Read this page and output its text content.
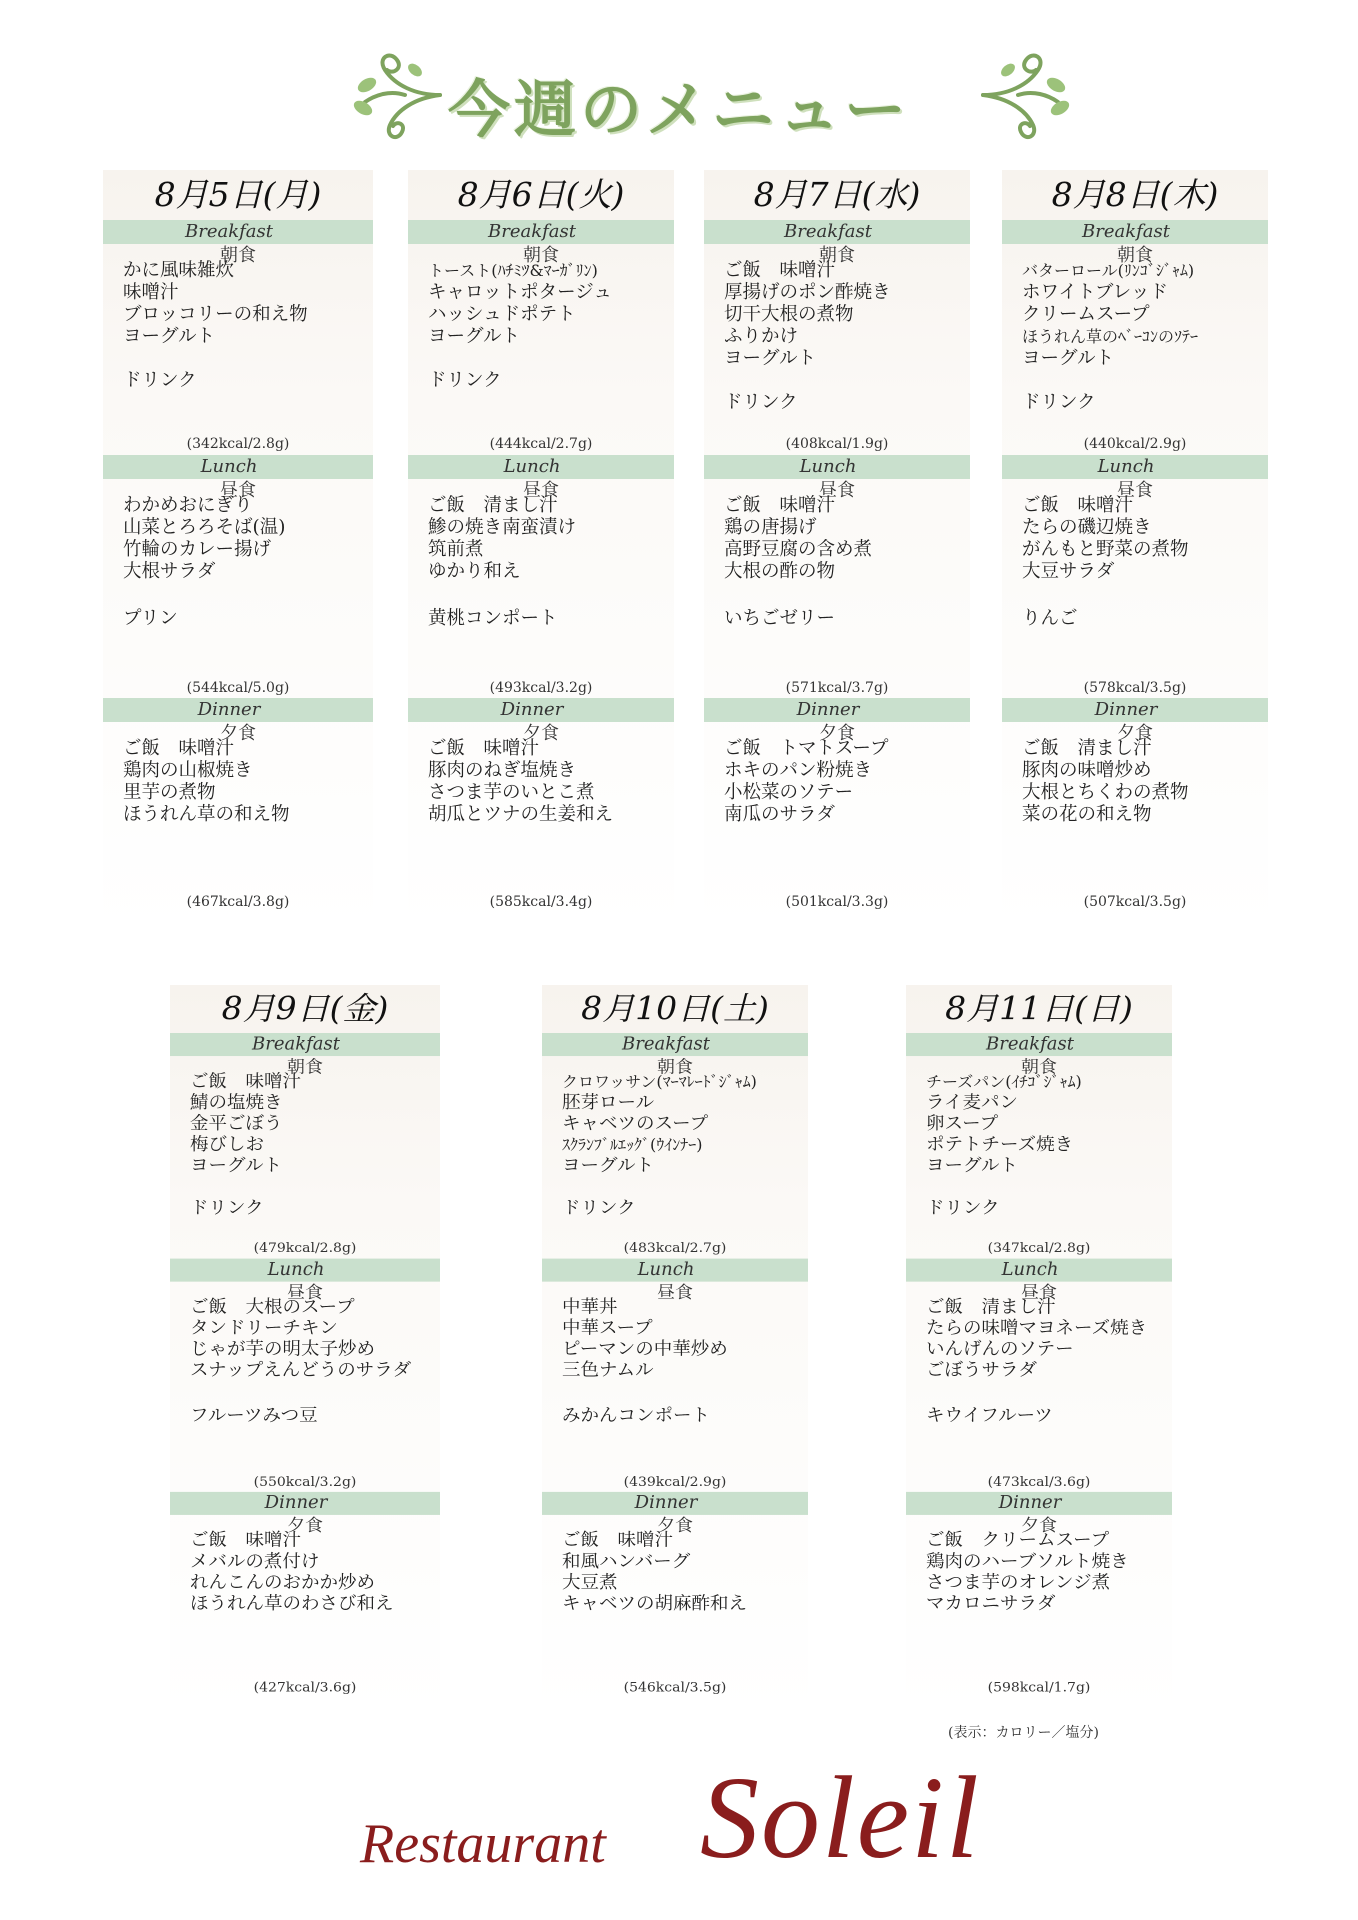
今週のメニュー
8月5日(月)
Breakfast
朝食
かに風味雑炊
味噌汁
ブロッコリーの和え物
ヨーグルト
ドリンク
(342kcal/2.8g)
Lunch
昼食
わかめおにぎり
山菜とろろそば(温)
竹輪のカレー揚げ
大根サラダ
プリン
(544kcal/5.0g)
Dinner
夕食
ご飯　味噌汁
鶏肉の山椒焼き
里芋の煮物
ほうれん草の和え物
(467kcal/3.8g)
8月6日(火)
Breakfast
朝食
トースト(ﾊﾁﾐﾂ&ﾏｰｶﾞﾘﾝ)
キャロットポタージュ
ハッシュドポテト
ヨーグルト
ドリンク
(444kcal/2.7g)
Lunch
昼食
ご飯　清まし汁
鯵の焼き南蛮漬け
筑前煮
ゆかり和え
黄桃コンポート
(493kcal/3.2g)
Dinner
夕食
ご飯　味噌汁
豚肉のねぎ塩焼き
さつま芋のいとこ煮
胡瓜とツナの生姜和え
(585kcal/3.4g)
8月7日(水)
Breakfast
朝食
ご飯　味噌汁
厚揚げのポン酢焼き
切干大根の煮物
ふりかけ
ヨーグルト
ドリンク
(408kcal/1.9g)
Lunch
昼食
ご飯　味噌汁
鶏の唐揚げ
高野豆腐の含め煮
大根の酢の物
いちごゼリー
(571kcal/3.7g)
Dinner
夕食
ご飯　トマトスープ
ホキのパン粉焼き
小松菜のソテー
南瓜のサラダ
(501kcal/3.3g)
8月8日(木)
Breakfast
朝食
バターロール(ﾘﾝｺﾞｼﾞｬﾑ)
ホワイトブレッド
クリームスープ
ほうれん草のﾍﾞｰｺﾝのｿﾃｰ
ヨーグルト
ドリンク
(440kcal/2.9g)
Lunch
昼食
ご飯　味噌汁
たらの磯辺焼き
がんもと野菜の煮物
大豆サラダ
りんご
(578kcal/3.5g)
Dinner
夕食
ご飯　清まし汁
豚肉の味噌炒め
大根とちくわの煮物
菜の花の和え物
(507kcal/3.5g)
8月9日(金)
Breakfast
朝食
ご飯　味噌汁
鯖の塩焼き
金平ごぼう
梅びしお
ヨーグルト
ドリンク
(479kcal/2.8g)
Lunch
昼食
ご飯　大根のスープ
タンドリーチキン
じゃが芋の明太子炒め
スナップえんどうのサラダ
フルーツみつ豆
(550kcal/3.2g)
Dinner
夕食
ご飯　味噌汁
メバルの煮付け
れんこんのおかか炒め
ほうれん草のわさび和え
(427kcal/3.6g)
8月10日(土)
Breakfast
朝食
クロワッサン(ﾏｰﾏﾚｰﾄﾞｼﾞｬﾑ)
胚芽ロール
キャベツのスープ
ｽｸﾗﾝﾌﾞﾙｴｯｸﾞ(ｳｲﾝﾅｰ)
ヨーグルト
ドリンク
(483kcal/2.7g)
Lunch
昼食
中華丼
中華スープ
ピーマンの中華炒め
三色ナムル
みかんコンポート
(439kcal/2.9g)
Dinner
夕食
ご飯　味噌汁
和風ハンバーグ
大豆煮
キャベツの胡麻酢和え
(546kcal/3.5g)
8月11日(日)
Breakfast
朝食
チーズパン(ｲﾁｺﾞｼﾞｬﾑ)
ライ麦パン
卵スープ
ポテトチーズ焼き
ヨーグルト
ドリンク
(347kcal/2.8g)
Lunch
昼食
ご飯　清まし汁
たらの味噌マヨネーズ焼き
いんげんのソテー
ごぼうサラダ
キウイフルーツ
(473kcal/3.6g)
Dinner
夕食
ご飯　クリームスープ
鶏肉のハーブソルト焼き
さつま芋のオレンジ煮
マカロニサラダ
(598kcal/1.7g)
(表示：カロリー／塩分)
Restaurant Soleil
